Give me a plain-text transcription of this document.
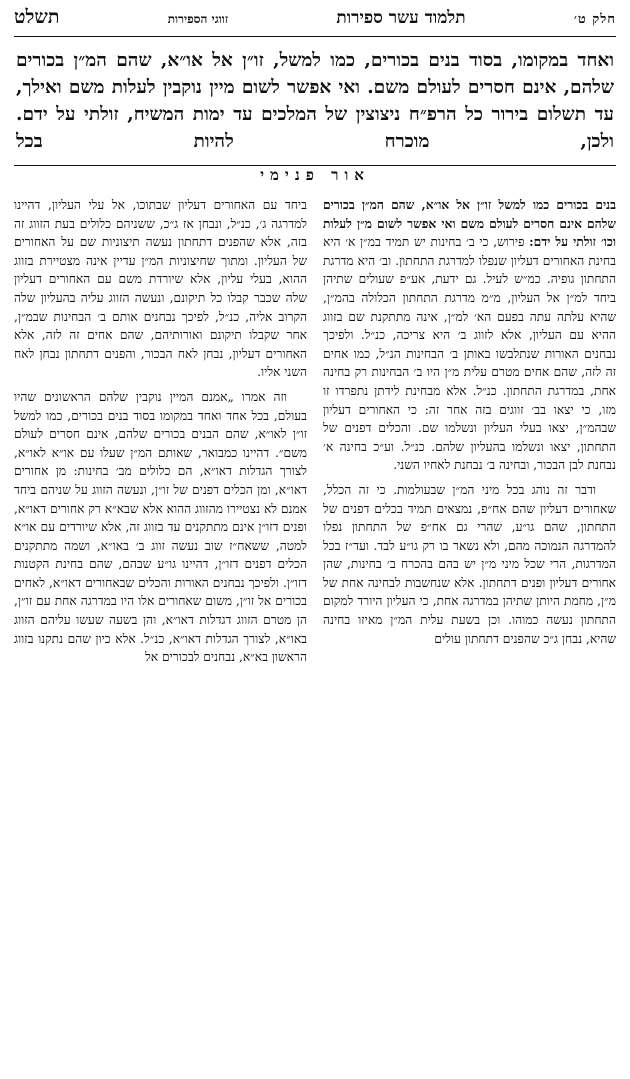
חלק ט׳
תלמוד עשר ספירות
זווגי הספירות
תשלט
ואחד במקומו, בסוד בנים בכורים, כמו למשל, זו״ן אל או״א, שהם המ״ן בכורים שלהם, אינם חסרים לעולם משם. ואי אפשר לשום מיין נוקבין לעלות משם ואילך, עד תשלום בירור כל הרפ״ח ניצוצין של המלכים עד ימות המשיח, זולתי על ידם. ולכן, מוכרח להיות בכל
אור פנימי

בנים בכורים כמו למשל זו״ן אל או״א, שהם המ״ן בכורים שלהם אינם חסרים לעולם משם ואי אפשר לשום מ״ן לעלות וכו׳ זולתי על ידם: פירוש, כי ב׳ בחינות יש תמיד במ״ן א׳ היא בחינת האחורים דעליון שנפלו למדרגת התחתון. וב׳ היא מדרגת התחתון גופיה. כמ״ש לעיל. גם ידעת, אע״פ שעולים שתיהן ביחד למ״ן אל העליון, מ״מ מדרגת התחתון הכלולה בהמ״ן, שהיא עלתה עתה בפעם הא׳ למ״ן, אינה מתתקנת שם בזווג ההיא עם העליון, אלא לזווג ב׳ היא צריכה, כנ״ל. ולפיכך נבחנים האורות שנתלבשו באותן ב׳ הבחינות הנ״ל, כמו אחים זה לזה, שהם אחים מטרם עלית מ״ן היו ב׳ הבחינות רק בחינה אחת, במדרגת התחתון. כנ״ל. אלא מבחינת לידתן נתפרדו זו מזו, כי יצאו בב׳ זווגים בזה אחר זה: כי האחורים דעליון שבהמ״ן, יצאו בעלי העליון ונשלמו שם. והכלים דפנים של התחתון, יצאו ונשלמו בהעליון שלהם. כנ״ל. וע״כ בחינה א׳ נבחנת לבן הבכור, ובחינה ב׳ נבחנת לאחיו השני.

ודבר זה נוהג בכל מיני המ״ן שבעולמות. כי זה הכלל, שאחורים דעליון שהם אח״פ, נמצאים תמיד בכלים דפנים של התחתון, שהם גו״ע, שהרי גם אח״פ של התחתון נפלו להמדרגה הנמוכה מהם, ולא נשאר בו רק גו״ע לבד. ועד״ז בכל המדרגות, הרי שכל מיני מ״ן יש בהם בהכרח ב׳ בחינות, שהן אחורים דעליון ופנים דתחתון. אלא שנחשבות לבחינה אחת של מ״ן, מחמת היותן שתיהן במדרגה אחת, כי העליון היורד למקום התחתון נעשה כמוהו. וכן בשעת עלית המ״ן מאיזו בחינה שהיא, נבחן ג״כ שהפנים דתחתון עולים

ביחד עם האחורים דעליון שבתוכו, אל עלי העליון, דהיינו למדרגה ג׳, כנ״ל, ונבחן אז ג״כ, ששניהם כלולים בעת הזווג זה בזה, אלא שהפנים דתחתון נעשה תיצוניות שם על האחורים של העליון. ומתוך שחיצוניות המ״ן עדיין אינה מצטיירת בזווג ההוא, בעלי עליון, אלא שיורדת משם עם האחורים דעליון שלה שכבר קבלו כל תיקונם, ונעשה הזווג עליה בהעליון שלה הקרוב אליה, כנ״ל, לפיכך נבחנים אותם ב׳ הבחינות שבמ״ן, אחר שקבלו תיקונם ואורותיהם, שהם אחים זה לזה, אלא האחורים דעליון, נבחן לאח הבכור, והפנים דתחתון נבחן לאח השני אליו.

וזה אמרו „אמנם המיין נוקבין שלהם הראשונים שהיו בעולם, בכל אחד ואחד במקומו בסוד בנים בכורים, כמו למשל זו״ן לאו״א, שהם הבנים בכורים שלהם, אינם חסרים לעולם משם״. דהיינו כמבואר, שאותם המ״ן שעלו עם או״א לאו״א, לצורך הגדלות דאו״א, הם כלולים מב׳ בחינות: מן אחורים דאו״א, ומן הכלים דפנים של זו״ן, ונעשה הזווג על שניהם ביחד אמנם לא נצטיירו מהזווג ההוא אלא שבא״א רק אחורים דאו״א, ופנים דזו״ן אינם מתתקנים עד בזווג זה, אלא שיורדים עם או״א למטה, ששאח״ז שוב נעשה זווג ב׳ באו״א, ושמה מתתקנים הכלים דפנים דזו״ן, דהיינו גו״ע שבהם, שהם בחינת הקטנות דזו״ן. ולפיכך נבחנים האורות והכלים שבאחורים דאו״א, לאחים בכורים אל זו״ן, משום שאחורים אלו היו במדרגה אחת עם זו״ן, הן מטרם הזווג דגדלות דאו״א, והן בשעה שעשו עליהם הזווג באו״א, לצורך הגדלות דאו״א, כנ״ל. אלא כיון שהם נתקנו בזווג הראשון בא״א, נבחנים לבכורים אל
